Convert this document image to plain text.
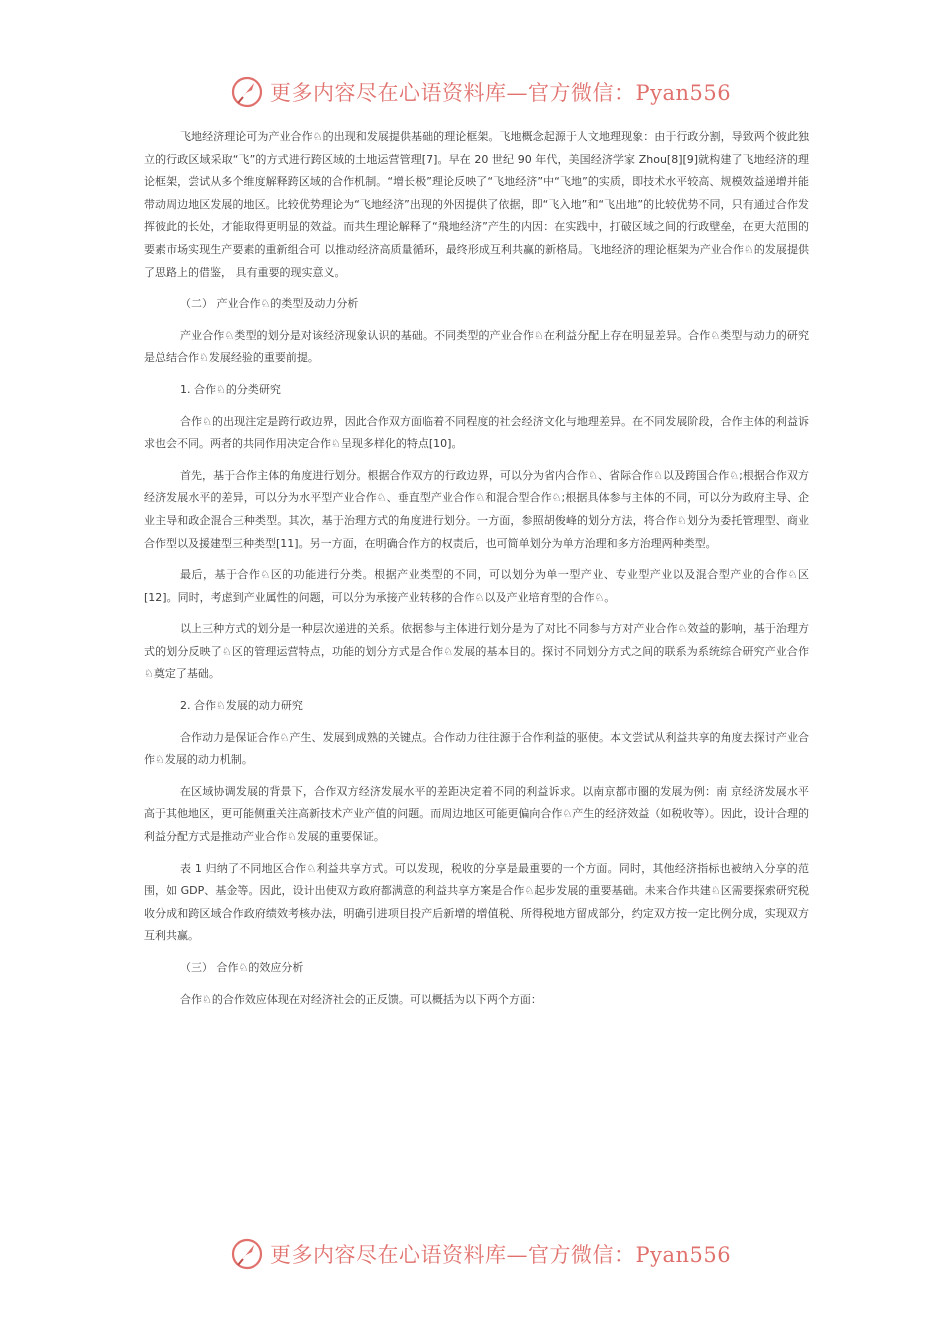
更多内容尽在心语资料库—官方微信：Pyan556

飞地经济理论可为产业合作♘的出现和发展提供基础的理论框架。飞地概念起源于人文地理现象：由于行政分割，导致两个彼此独立的行政区域采取“飞”的方式进行跨区域的土地运营管理[7]。早在 20 世纪 90 年代，美国经济学家 Zhou[8][9]就构建了飞地经济的理论框架，尝试从多个维度解释跨区域的合作机制。“增长极”理论反映了“飞地经济”中“飞地”的实质，即技术水平较高、规模效益递增并能带动周边地区发展的地区。比较优势理论为“飞地经济”出现的外因提供了依据，即“飞入地”和“飞出地”的比较优势不同，只有通过合作发挥彼此的长处，才能取得更明显的效益。而共生理论解释了“飛地经济”产生的内因：在实践中，打破区域之间的行政壁垒，在更大范围的要素市场实现生产要素的重新组合可 以推动经济高质量循环，最终形成互利共赢的新格局。飞地经济的理论框架为产业合作♘的发展提供了思路上的借鉴， 具有重要的现实意义。

（二） 产业合作♘的类型及动力分析

产业合作♘类型的划分是对该经济现象认识的基础。不同类型的产业合作♘在利益分配上存在明显差异。合作♘类型与动力的研究是总结合作♘发展经验的重要前提。

1. 合作♘的分类研究

合作♘的出现注定是跨行政边界，因此合作双方面临着不同程度的社会经济文化与地理差异。在不同发展阶段，合作主体的利益诉求也会不同。两者的共同作用决定合作♘呈现多样化的特点[10]。

首先，基于合作主体的角度进行划分。根据合作双方的行政边界，可以分为省内合作♘、省际合作♘以及跨国合作♘;根据合作双方经济发展水平的差异，可以分为水平型产业合作♘、垂直型产业合作♘和混合型合作♘;根据具体参与主体的不同，可以分为政府主导、企业主导和政企混合三种类型。其次，基于治理方式的角度进行划分。一方面，参照胡俊峰的划分方法，将合作♘划分为委托管理型、商业合作型以及援建型三种类型[11]。另一方面，在明确合作方的权责后，也可简单划分为单方治理和多方治理两种类型。

最后，基于合作♘区的功能进行分类。根据产业类型的不同，可以划分为单一型产业、专业型产业以及混合型产业的合作♘区[12]。同时，考虑到产业属性的问题，可以分为承接产业转移的合作♘以及产业培育型的合作♘。

以上三种方式的划分是一种层次递进的关系。依据参与主体进行划分是为了对比不同参与方对产业合作♘效益的影响，基于治理方式的划分反映了♘区的管理运营特点，功能的划分方式是合作♘发展的基本目的。探讨不同划分方式之间的联系为系统综合研究产业合作♘奠定了基础。

2. 合作♘发展的动力研究

合作动力是保证合作♘产生、发展到成熟的关键点。合作动力往往源于合作利益的驱使。本文尝试从利益共享的角度去探讨产业合作♘发展的动力机制。

在区域协调发展的背景下，合作双方经济发展水平的差距决定着不同的利益诉求。以南京都市圈的发展为例：南 京经济发展水平高于其他地区，更可能侧重关注高新技术产业产值的问题。而周边地区可能更偏向合作♘产生的经济效益（如税收等）。因此，设计合理的利益分配方式是推动产业合作♘发展的重要保证。

表 1 归纳了不同地区合作♘利益共享方式。可以发现，税收的分享是最重要的一个方面。同时，其他经济指标也被纳入分享的范围，如 GDP、基金等。因此，设计出使双方政府都满意的利益共享方案是合作♘起步发展的重要基础。未来合作共建♘区需要探索研究税收分成和跨区域合作政府绩效考核办法，明确引进项目投产后新增的增值税、所得税地方留成部分，约定双方按一定比例分成，实现双方互利共赢。

（三） 合作♘的效应分析

合作♘的合作效应体现在对经济社会的正反馈。可以概括为以下两个方面：

更多内容尽在心语资料库—官方微信：Pyan556
